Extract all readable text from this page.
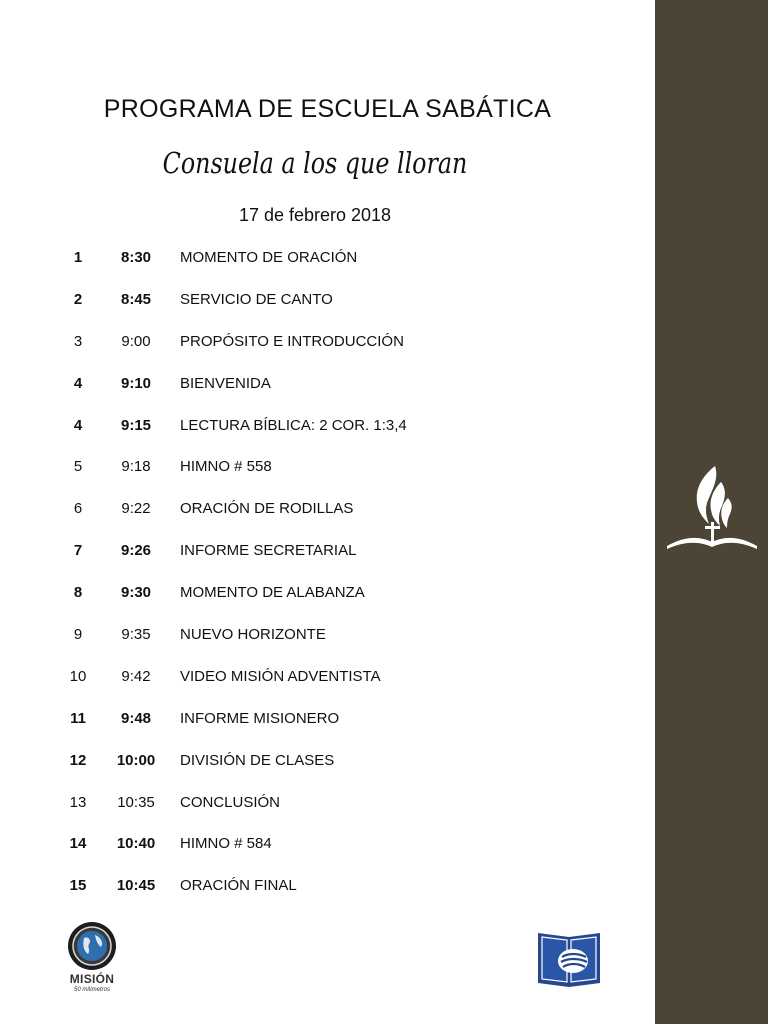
PROGRAMA DE ESCUELA SABÁTICA
Consuela a los que lloran
17 de febrero 2018
1	8:30	MOMENTO DE ORACIÓN
2	8:45	SERVICIO DE CANTO
3	9:00	PROPÓSITO E INTRODUCCIÓN
4	9:10	BIENVENIDA
4	9:15	LECTURA BÍBLICA: 2 COR. 1:3,4
5	9:18	HIMNO # 558
6	9:22	ORACIÓN DE RODILLAS
7	9:26	INFORME SECRETARIAL
8	9:30	MOMENTO DE ALABANZA
9	9:35	NUEVO HORIZONTE
10	9:42	VIDEO MISIÓN ADVENTISTA
11	9:48	INFORME MISIONERO
12	10:00	DIVISIÓN DE CLASES
13	10:35	CONCLUSIÓN
14	10:40	HIMNO # 584
15	10:45	ORACIÓN FINAL
MISIÓN
50 milímetros
